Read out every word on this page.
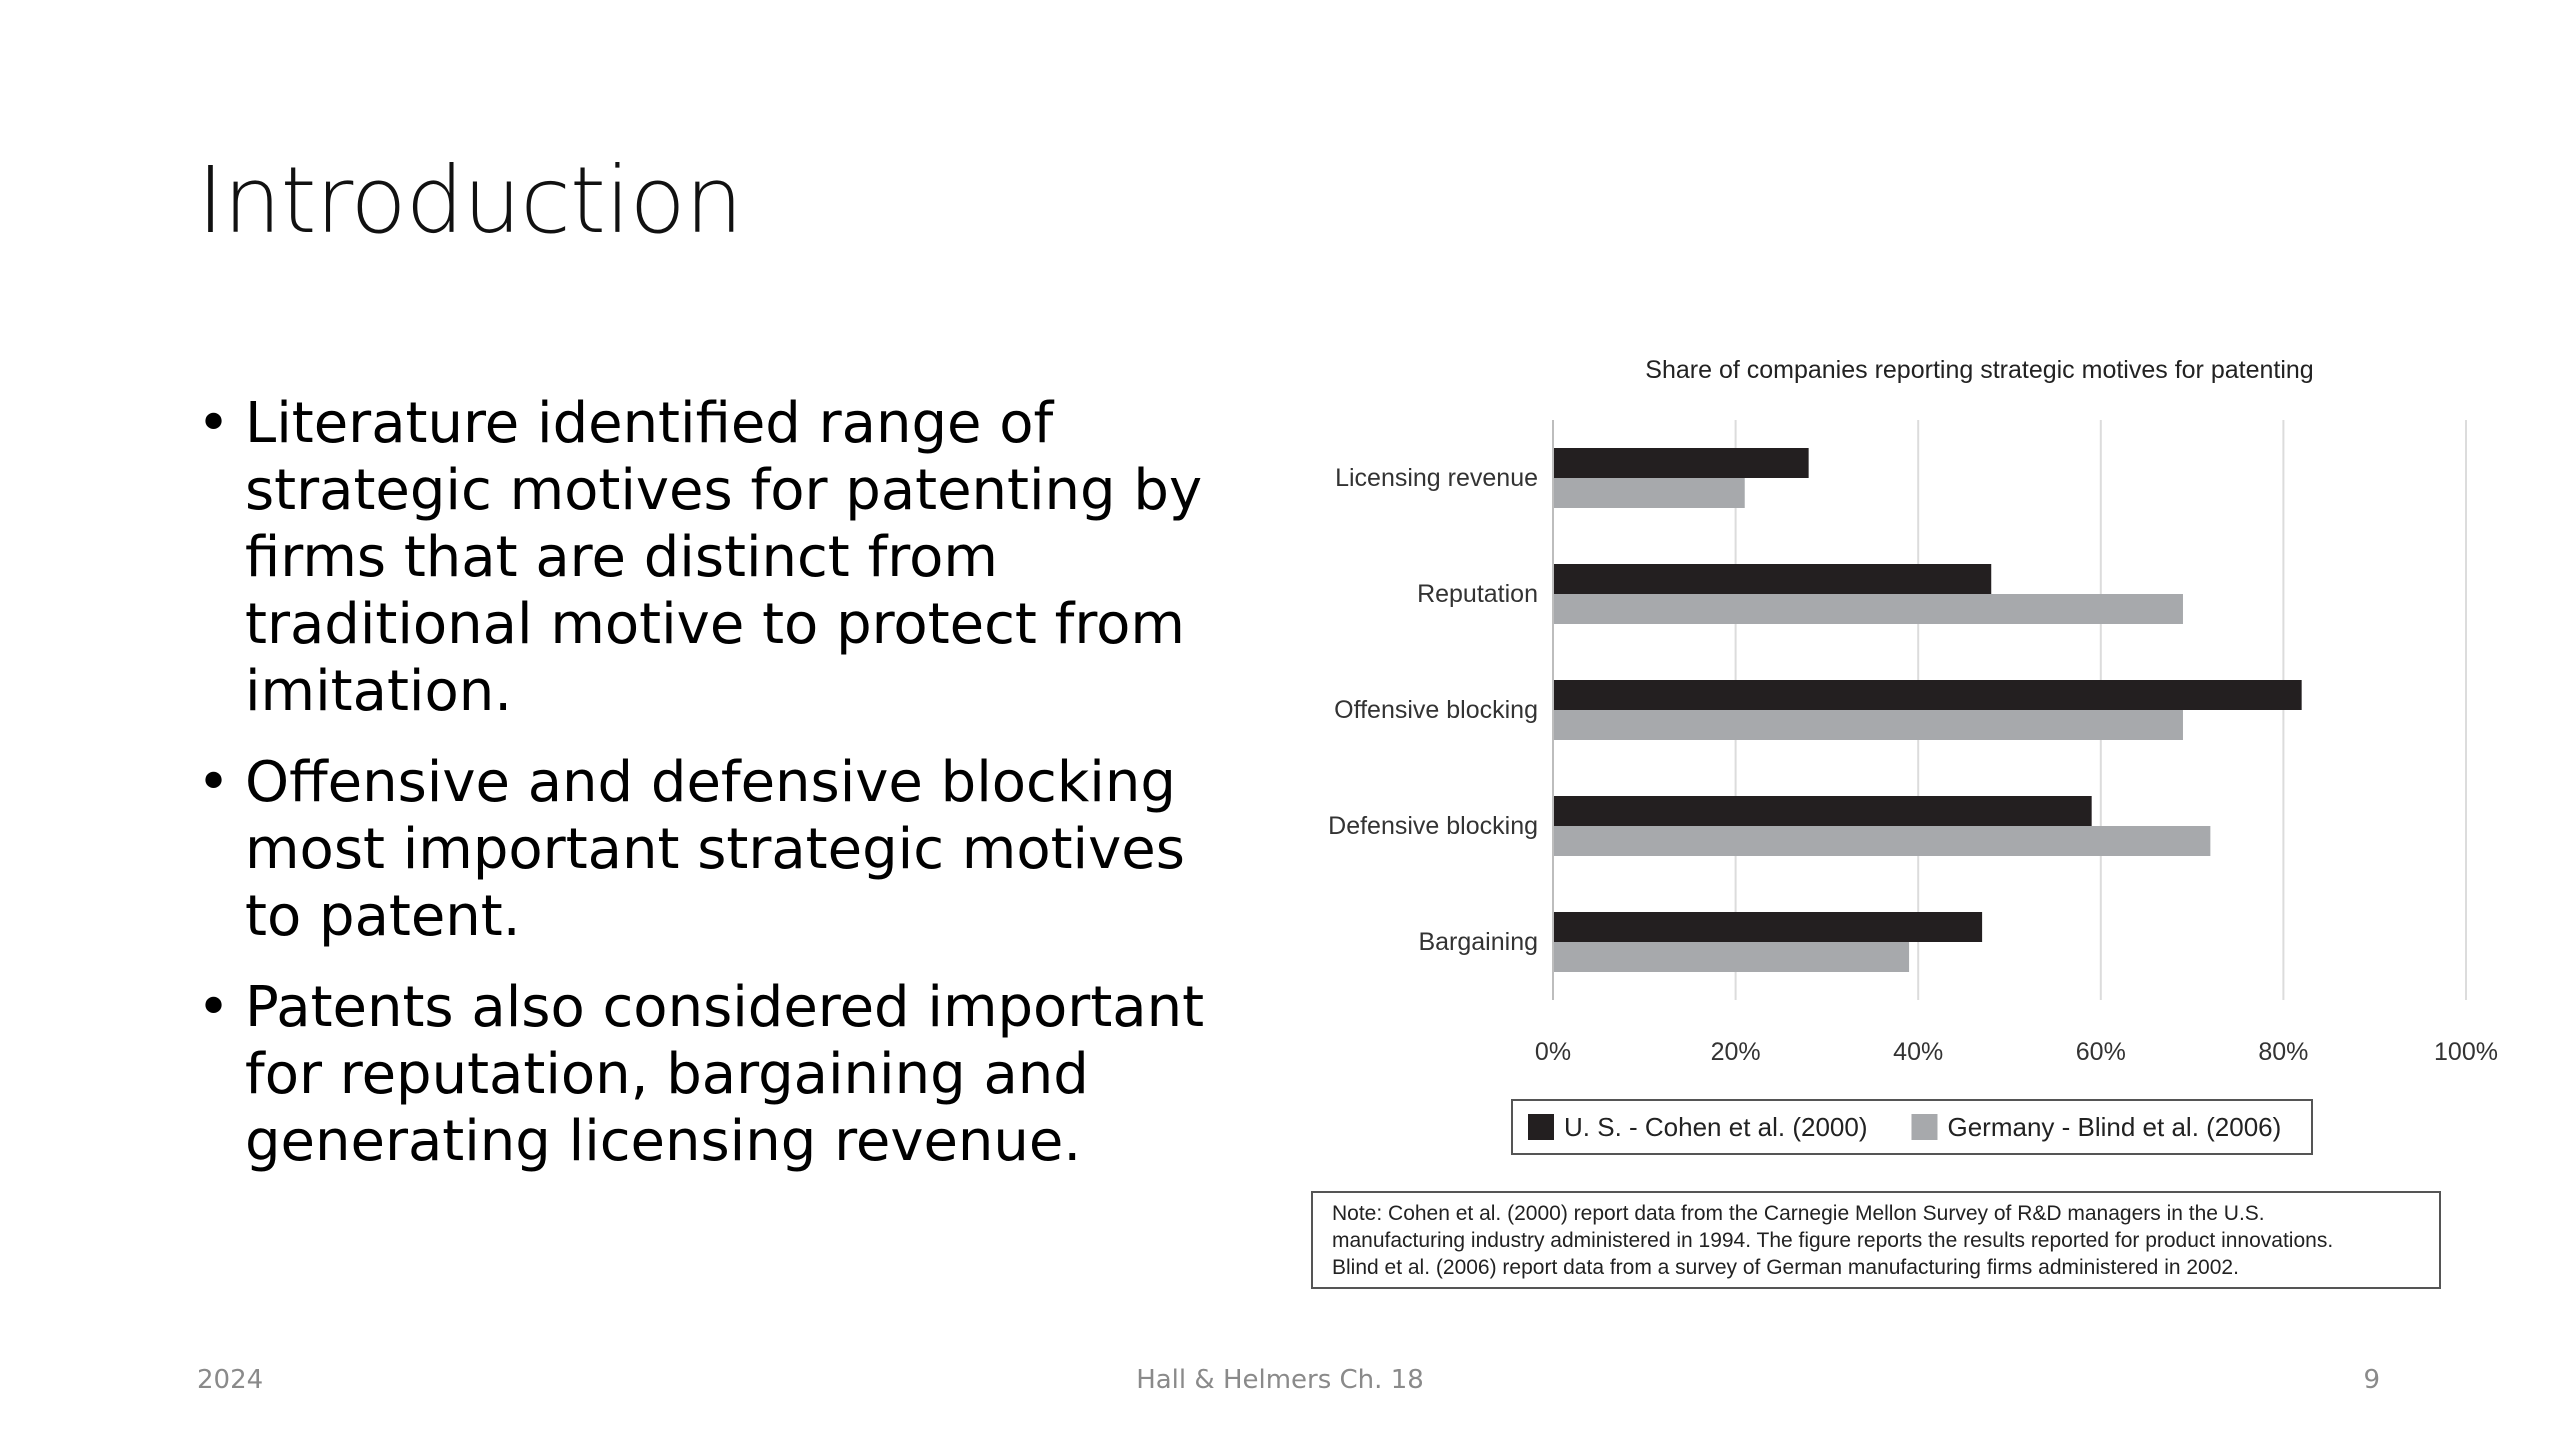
Introduction
• Literature identified range of strategic motives for patenting by firms that are distinct from traditional motive to protect from imitation.
• Offensive and defensive blocking most important strategic motives to patent.
• Patents also considered important for reputation, bargaining and generating licensing revenue.
Share of companies reporting strategic motives for patenting
0%	20%	40%	60%	80%	100%
Licensing revenue
Reputation
Offensive blocking
Defensive blocking
Bargaining
U. S. - Cohen et al. (2000)	Germany - Blind et al. (2006)
Note: Cohen et al. (2000) report data from the Carnegie Mellon Survey of R&D managers in the U.S.
manufacturing industry administered in 1994. The figure reports the results reported for product innovations.
Blind et al. (2006) report data from a survey of German manufacturing firms administered in 2002.
2024	Hall & Helmers Ch. 18	9
